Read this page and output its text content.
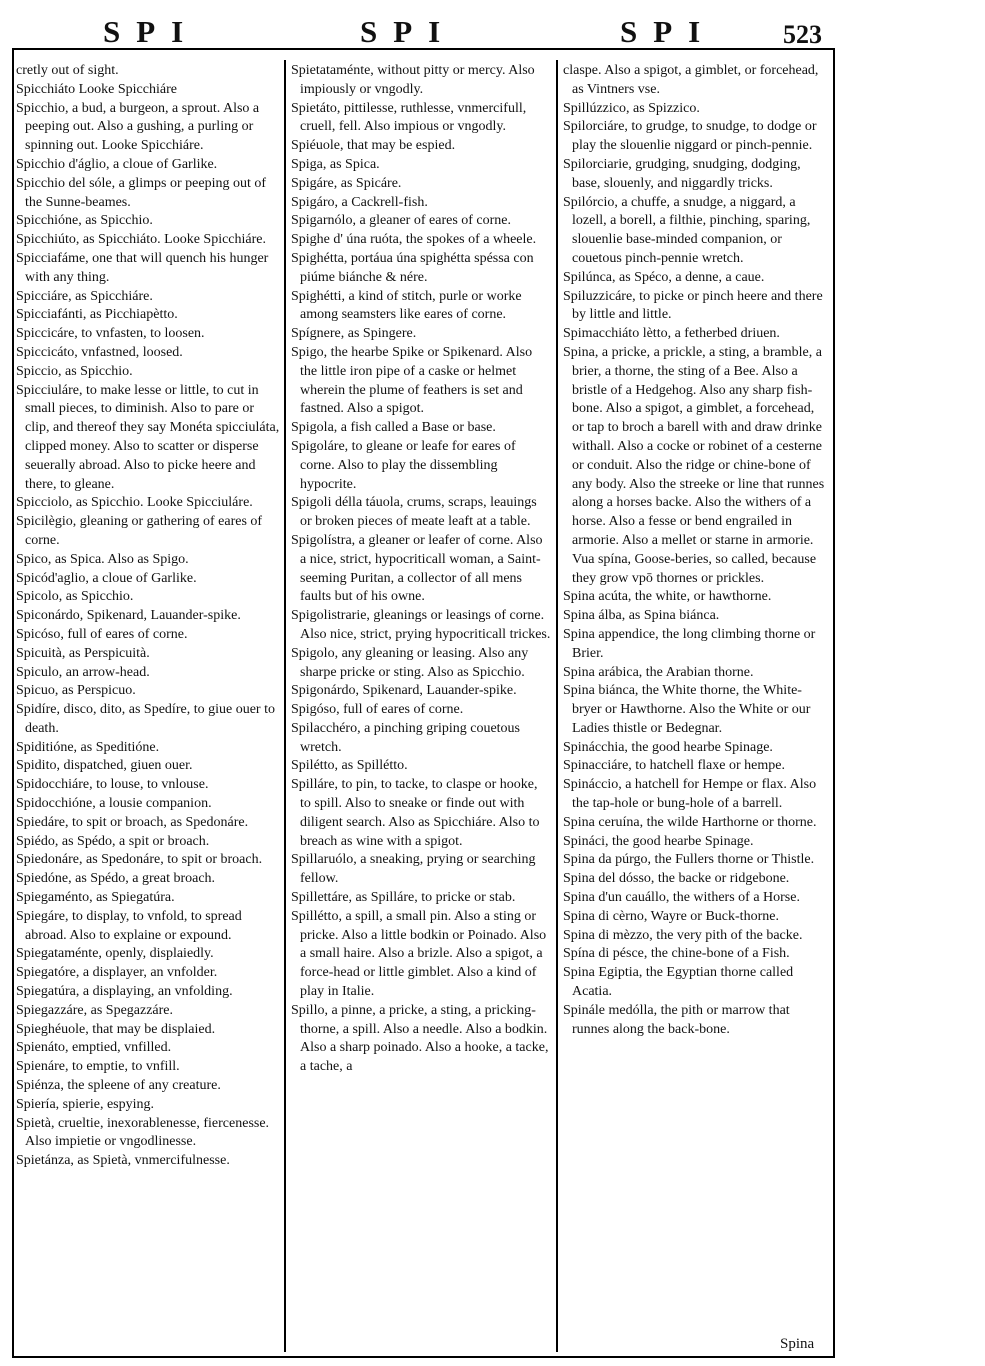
SPI	SPI	SPI	523

cretly out of sight.

Spicchiáto Looke Spicchiáre

Spicchio, a bud, a burgeon, a sprout. Also a peeping out. Also a gushing, a purling or spinning out. Looke Spicchiáre.

Spicchio d'áglio, a cloue of Garlike.

Spicchio del sóle, a glimps or peeping out of the Sunne-beames.

Spicchióne, as Spicchio.

Spicchiúto, as Spicchiáto. Looke Spicchiáre.

Spicciafáme, one that will quench his hunger with any thing.

Spicciáre, as Spicchiáre.

Spicciafánti, as Picchiapètto.

Spiccicáre, to vnfasten, to loosen.

Spiccicáto, vnfastned, loosed.

Spiccio, as Spicchio.

Spicciuláre, to make lesse or little, to cut in small pieces, to diminish. Also to pare or clip, and thereof they say Monéta spicciuláta, clipped money. Also to scatter or disperse seuerally abroad. Also to picke heere and there, to gleane.

Spicciolo, as Spicchio. Looke Spicciuláre.

Spicilègio, gleaning or gathering of eares of corne.

Spico, as Spica. Also as Spigo.

Spicód'aglio, a cloue of Garlike.

Spicolo, as Spicchio.

Spiconárdo, Spikenard, Lauander-spike.

Spicóso, full of eares of corne.

Spicuità, as Perspicuità.

Spiculo, an arrow-head.

Spicuo, as Perspicuo.

Spidíre, disco, dito, as Spedíre, to giue ouer to death.

Spiditióne, as Speditióne.

Spidito, dispatched, giuen ouer.

Spidocchiáre, to louse, to vnlouse.

Spidocchióne, a lousie companion.

Spiedáre, to spit or broach, as Spedonáre.

Spiédo, as Spédo, a spit or broach.

Spiedonáre, as Spedonáre, to spit or broach.

Spiedóne, as Spédo, a great broach.

Spiegaménto, as Spiegatúra.

Spiegáre, to display, to vnfold, to spread abroad. Also to explaine or expound.

Spiegataménte, openly, displaiedly.

Spiegatóre, a displayer, an vnfolder.

Spiegatúra, a displaying, an vnfolding.

Spiegazzáre, as Spegazzáre.

Spieghéuole, that may be displaied.

Spienáto, emptied, vnfilled.

Spienáre, to emptie, to vnfill.

Spiénza, the spleene of any creature.

Spiería, spierie, espying.

Spietà, crueltie, inexorablenesse, fiercenesse. Also impietie or vngodlinesse.

Spietánza, as Spietà, vnmercifulnesse.

Spietataménte, without pitty or mercy. Also impiously or vngodly.

Spietáto, pittilesse, ruthlesse, vnmercifull, cruell, fell. Also impious or vngodly.

Spiéuole, that may be espied.

Spiga, as Spica.

Spigáre, as Spicáre.

Spigáro, a Cackrell-fish.

Spigarnólo, a gleaner of eares of corne.

Spighe d' úna ruóta, the spokes of a wheele.

Spighétta, portáua úna spighétta spéssa con piúme biánche & nére.

Spighétti, a kind of stitch, purle or worke among seamsters like eares of corne.

Spígnere, as Spingere.

Spigo, the hearbe Spike or Spikenard. Also the little iron pipe of a caske or helmet wherein the plume of feathers is set and fastned. Also a spigot.

Spigola, a fish called a Base or base.

Spigoláre, to gleane or leafe for eares of corne. Also to play the dissembling hypocrite.

Spigoli délla táuola, crums, scraps, leauings or broken pieces of meate leaft at a table.

Spigolístra, a gleaner or leafer of corne. Also a nice, strict, hypocriticall woman, a Saint-seeming Puritan, a collector of all mens faults but of his owne.

Spigolistrarie, gleanings or leasings of corne. Also nice, strict, prying hypocriticall trickes.

Spigolo, any gleaning or leasing. Also any sharpe pricke or sting. Also as Spicchio.

Spigonárdo, Spikenard, Lauander-spike.

Spigóso, full of eares of corne.

Spilacchéro, a pinching griping couetous wretch.

Spilétto, as Spillétto.

Spilláre, to pin, to tacke, to claspe or hooke, to spill. Also to sneake or finde out with diligent search. Also as Spicchiáre. Also to breach as wine with a spigot.

Spillaruólo, a sneaking, prying or searching fellow.

Spillettáre, as Spilláre, to pricke or stab.

Spillétto, a spill, a small pin. Also a sting or pricke. Also a little bodkin or Poinado. Also a small haire. Also a brizle. Also a spigot, a force-head or little gimblet. Also a kind of play in Italie.

Spillo, a pinne, a pricke, a sting, a pricking-thorne, a spill. Also a needle. Also a bodkin. Also a sharp poinado. Also a hooke, a tacke, a tache, a

claspe. Also a spigot, a gimblet, or forcehead, as Vintners vse.

Spillúzzico, as Spizzico.

Spilorciáre, to grudge, to snudge, to dodge or play the slouenlie niggard or pinch-pennie.

Spilorciarie, grudging, snudging, dodging, base, slouenly, and niggardly tricks.

Spilórcio, a chuffe, a snudge, a niggard, a lozell, a borell, a filthie, pinching, sparing, slouenlie base-minded companion, or couetous pinch-pennie wretch.

Spilúnca, as Spéco, a denne, a caue.

Spiluzzicáre, to picke or pinch heere and there by little and little.

Spimacchiáto lètto, a fetherbed driuen.

Spina, a pricke, a prickle, a sting, a bramble, a brier, a thorne, the sting of a Bee. Also a bristle of a Hedgehog. Also any sharp fish-bone. Also a spigot, a gimblet, a forcehead, or tap to broch a barell with and draw drinke withall. Also a cocke or robinet of a cesterne or conduit. Also the ridge or chine-bone of any body. Also the streeke or line that runnes along a horses backe. Also the withers of a horse. Also a fesse or bend engrailed in armorie. Also a mellet or starne in armorie. Vua spína, Goose-beries, so called, because they grow vpō thornes or prickles.

Spina acúta, the white, or hawthorne.

Spina álba, as Spina biánca.

Spina appendice, the long climbing thorne or Brier.

Spina arábica, the Arabian thorne.

Spina biánca, the White thorne, the White-bryer or Hawthorne. Also the White or our Ladies thistle or Bedegnar.

Spinácchia, the good hearbe Spinage.

Spinacciáre, to hatchell flaxe or hempe.

Spináccio, a hatchell for Hempe or flax. Also the tap-hole or bung-hole of a barrell.

Spina ceruína, the wilde Harthorne or thorne.

Spináci, the good hearbe Spinage.

Spina da púrgo, the Fullers thorne or Thistle.

Spina del dósso, the backe or ridgebone.

Spina d'un cauállo, the withers of a Horse.

Spina di cèrno, Wayre or Buck-thorne.

Spina di mèzzo, the very pith of the backe.

Spína di pésce, the chine-bone of a Fish.

Spina Egiptia, the Egyptian thorne called Acatia.

Spinále medólla, the pith or marrow that runnes along the back-bone.

Spina
